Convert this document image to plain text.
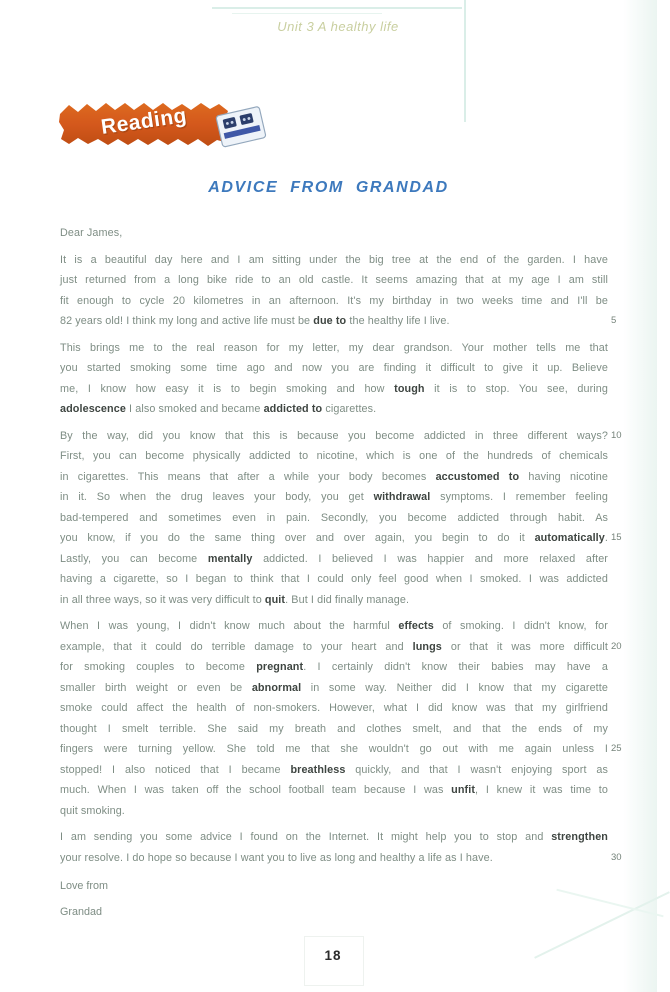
Unit 3 A healthy life
Reading
ADVICE FROM GRANDAD
Dear James,
It is a beautiful day here and I am sitting under the big tree at the end of the garden. I have
just returned from a long bike ride to an old castle. It seems amazing that at my age I am still
fit enough to cycle 20 kilometres in an afternoon. It's my birthday in two weeks time and I'll be
82 years old! I think my long and active life must be due to the healthy life I live.	5
This brings me to the real reason for my letter, my dear grandson. Your mother tells me that
you started smoking some time ago and now you are finding it difficult to give it up. Believe
me, I know how easy it is to begin smoking and how tough it is to stop. You see, during
adolescence I also smoked and became addicted to cigarettes.
By the way, did you know that this is because you become addicted in three different ways? 10
First, you can become physically addicted to nicotine, which is one of the hundreds of chemicals
in cigarettes. This means that after a while your body becomes accustomed to having nicotine
in it. So when the drug leaves your body, you get withdrawal symptoms. I remember feeling
bad-tempered and sometimes even in pain. Secondly, you become addicted through habit. As
you know, if you do the same thing over and over again, you begin to do it automatically. 15
Lastly, you can become mentally addicted. I believed I was happier and more relaxed after
having a cigarette, so I began to think that I could only feel good when I smoked. I was addicted
in all three ways, so it was very difficult to quit. But I did finally manage.
When I was young, I didn't know much about the harmful effects of smoking. I didn't know, for
example, that it could do terrible damage to your heart and lungs or that it was more difficult 20
for smoking couples to become pregnant. I certainly didn't know their babies may have a
smaller birth weight or even be abnormal in some way. Neither did I know that my cigarette
smoke could affect the health of non-smokers. However, what I did know was that my girlfriend
thought I smelt terrible. She said my breath and clothes smelt, and that the ends of my
fingers were turning yellow. She told me that she wouldn't go out with me again unless I 25
stopped! I also noticed that I became breathless quickly, and that I wasn't enjoying sport as
much. When I was taken off the school football team because I was unfit, I knew it was time to
quit smoking.
I am sending you some advice I found on the Internet. It might help you to stop and strengthen
your resolve. I do hope so because I want you to live as long and healthy a life as I have.	30
Love from
Grandad
18
